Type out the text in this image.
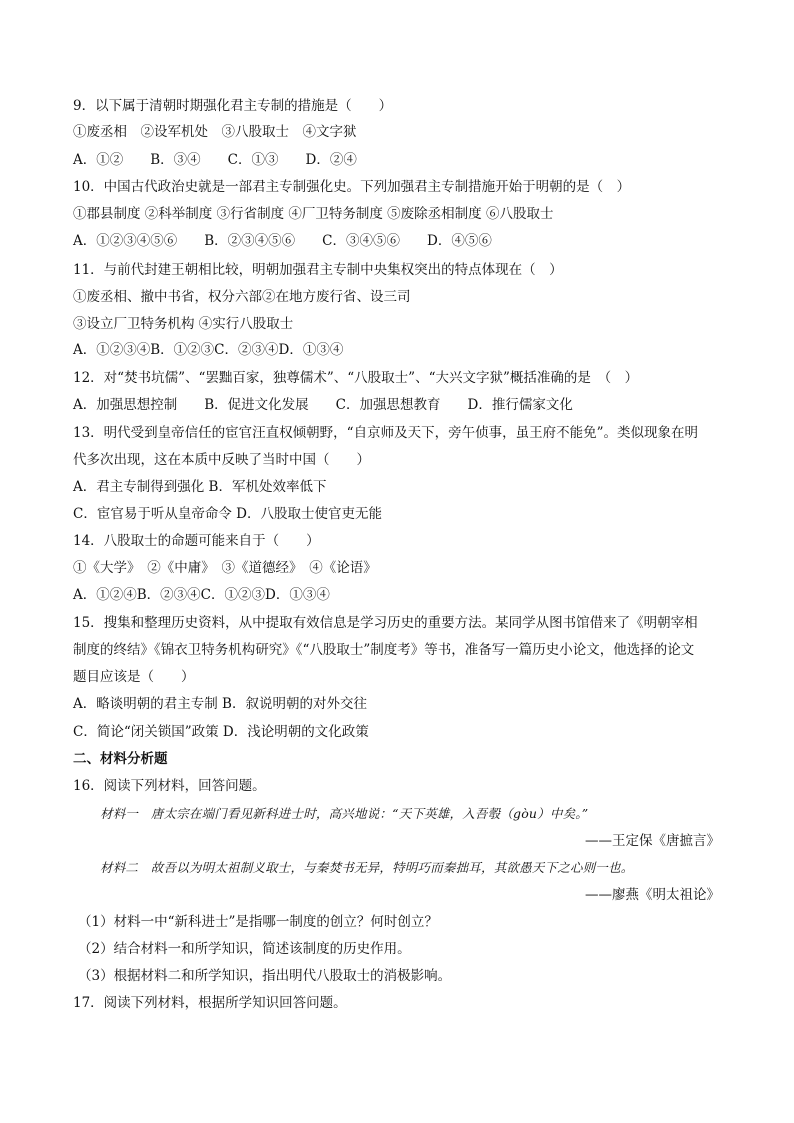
9．以下属于清朝时期强化君主专制的措施是（　　）
①废丞相　②设军机处　③八股取士　④文字狱
A．①②　　B．③④　　C．①③　　D．②④
10．中国古代政治史就是一部君主专制强化史。下列加强君主专制措施开始于明朝的是（　）
①郡县制度 ②科举制度 ③行省制度 ④厂卫特务制度 ⑤废除丞相制度 ⑥八股取士
A．①②③④⑤⑥　　B．②③④⑤⑥　　C．③④⑤⑥　　D．④⑤⑥
11．与前代封建王朝相比较，明朝加强君主专制中央集权突出的特点体现在（　）
①废丞相、撤中书省，权分六部②在地方废行省、设三司
③设立厂卫特务机构 ④实行八股取士
A．①②③④B．①②③C．②③④D．①③④
12．对“焚书坑儒”、“罢黜百家，独尊儒术”、“八股取士”、“大兴文字狱”概括准确的是　（　）
A．加强思想控制　　B．促进文化发展　　C．加强思想教育　　D．推行儒家文化
13．明代受到皇帝信任的宦官汪直权倾朝野，“自京师及天下，旁午侦事，虽王府不能免”。类似现象在明
代多次出现，这在本质中反映了当时中国（　　）
A．君主专制得到强化 B．军机处效率低下
C．宦官易于听从皇帝命令 D．八股取士使官吏无能
14．八股取士的命题可能来自于（　　）
①《大学》　②《中庸》　③《道德经》　④《论语》
A．①②④B．②③④C．①②③D．①③④
15．搜集和整理历史资料，从中提取有效信息是学习历史的重要方法。某同学从图书馆借来了《明朝宰相
制度的终结》《锦衣卫特务机构研究》《“八股取士”制度考》等书，准备写一篇历史小论文，他选择的论文
题目应该是（　　）
A．略谈明朝的君主专制 B．叙说明朝的对外交往
C．简论“闭关锁国”政策 D．浅论明朝的文化政策
二、材料分析题
16．阅读下列材料，回答问题。
材料一　唐太宗在端门看见新科进士时，高兴地说：“天下英雄，入吾彀（gòu）中矣。”
——王定保《唐摭言》
材料二　故吾以为明太祖制义取士，与秦焚书无异，特明巧而秦拙耳，其欲愚天下之心则一也。
——廖燕《明太祖论》
（1）材料一中“新科进士”是指哪一制度的创立？何时创立？
（2）结合材料一和所学知识，简述该制度的历史作用。
（3）根据材料二和所学知识，指出明代八股取士的消极影响。
17．阅读下列材料，根据所学知识回答问题。
